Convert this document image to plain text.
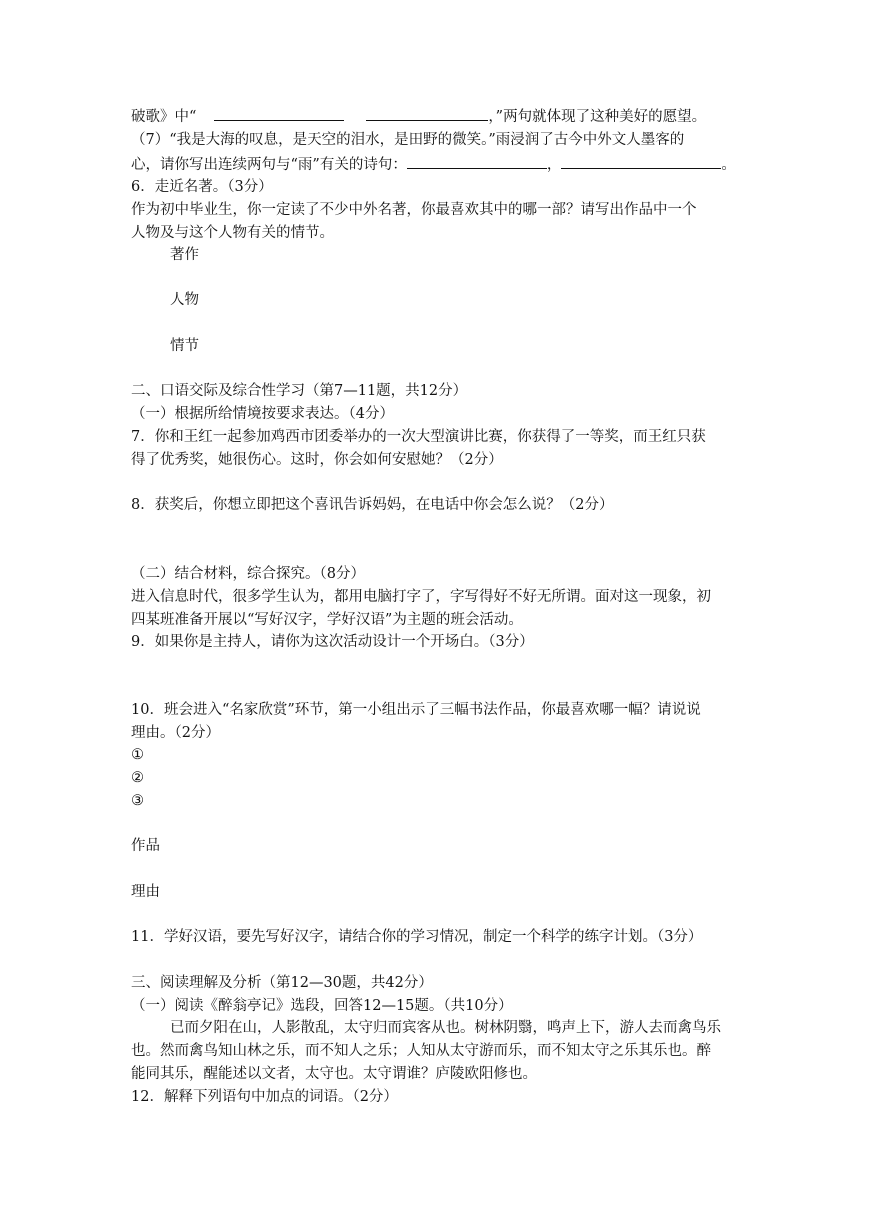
破歌》中“	，”两句就体现了这种美好的愿望。
（7）“我是大海的叹息，是天空的泪水，是田野的微笑。”雨浸润了古今中外文人墨客的
心，请你写出连续两句与“雨”有关的诗句：	，	。
6．走近名著。（3分）
作为初中毕业生，你一定读了不少中外名著，你最喜欢其中的哪一部？请写出作品中一个
人物及与这个人物有关的情节。
著作
人物
情节
二、口语交际及综合性学习（第7—11题，共12分）
（一）根据所给情境按要求表达。（4分）
7．你和王红一起参加鸡西市团委举办的一次大型演讲比赛，你获得了一等奖，而王红只获
得了优秀奖，她很伤心。这时，你会如何安慰她？（2分）
8．获奖后，你想立即把这个喜讯告诉妈妈，在电话中你会怎么说？（2分）
（二）结合材料，综合探究。（8分）
进入信息时代，很多学生认为，都用电脑打字了，字写得好不好无所谓。面对这一现象，初
四某班准备开展以“写好汉字，学好汉语”为主题的班会活动。
9．如果你是主持人，请你为这次活动设计一个开场白。（3分）
10．班会进入“名家欣赏”环节，第一小组出示了三幅书法作品，你最喜欢哪一幅？请说说
理由。（2分）
①
②
③
作品
理由
11．学好汉语，要先写好汉字，请结合你的学习情况，制定一个科学的练字计划。（3分）
三、阅读理解及分析（第12—30题，共42分）
（一）阅读《醉翁亭记》选段，回答12—15题。（共10分）
已而夕阳在山，人影散乱，太守归而宾客从也。树林阴翳，鸣声上下，游人去而禽鸟乐
也。然而禽鸟知山林之乐，而不知人之乐；人知从太守游而乐，而不知太守之乐其乐也。醉
能同其乐，醒能述以文者，太守也。太守谓谁？庐陵欧阳修也。
12．解释下列语句中加点的词语。（2分）
